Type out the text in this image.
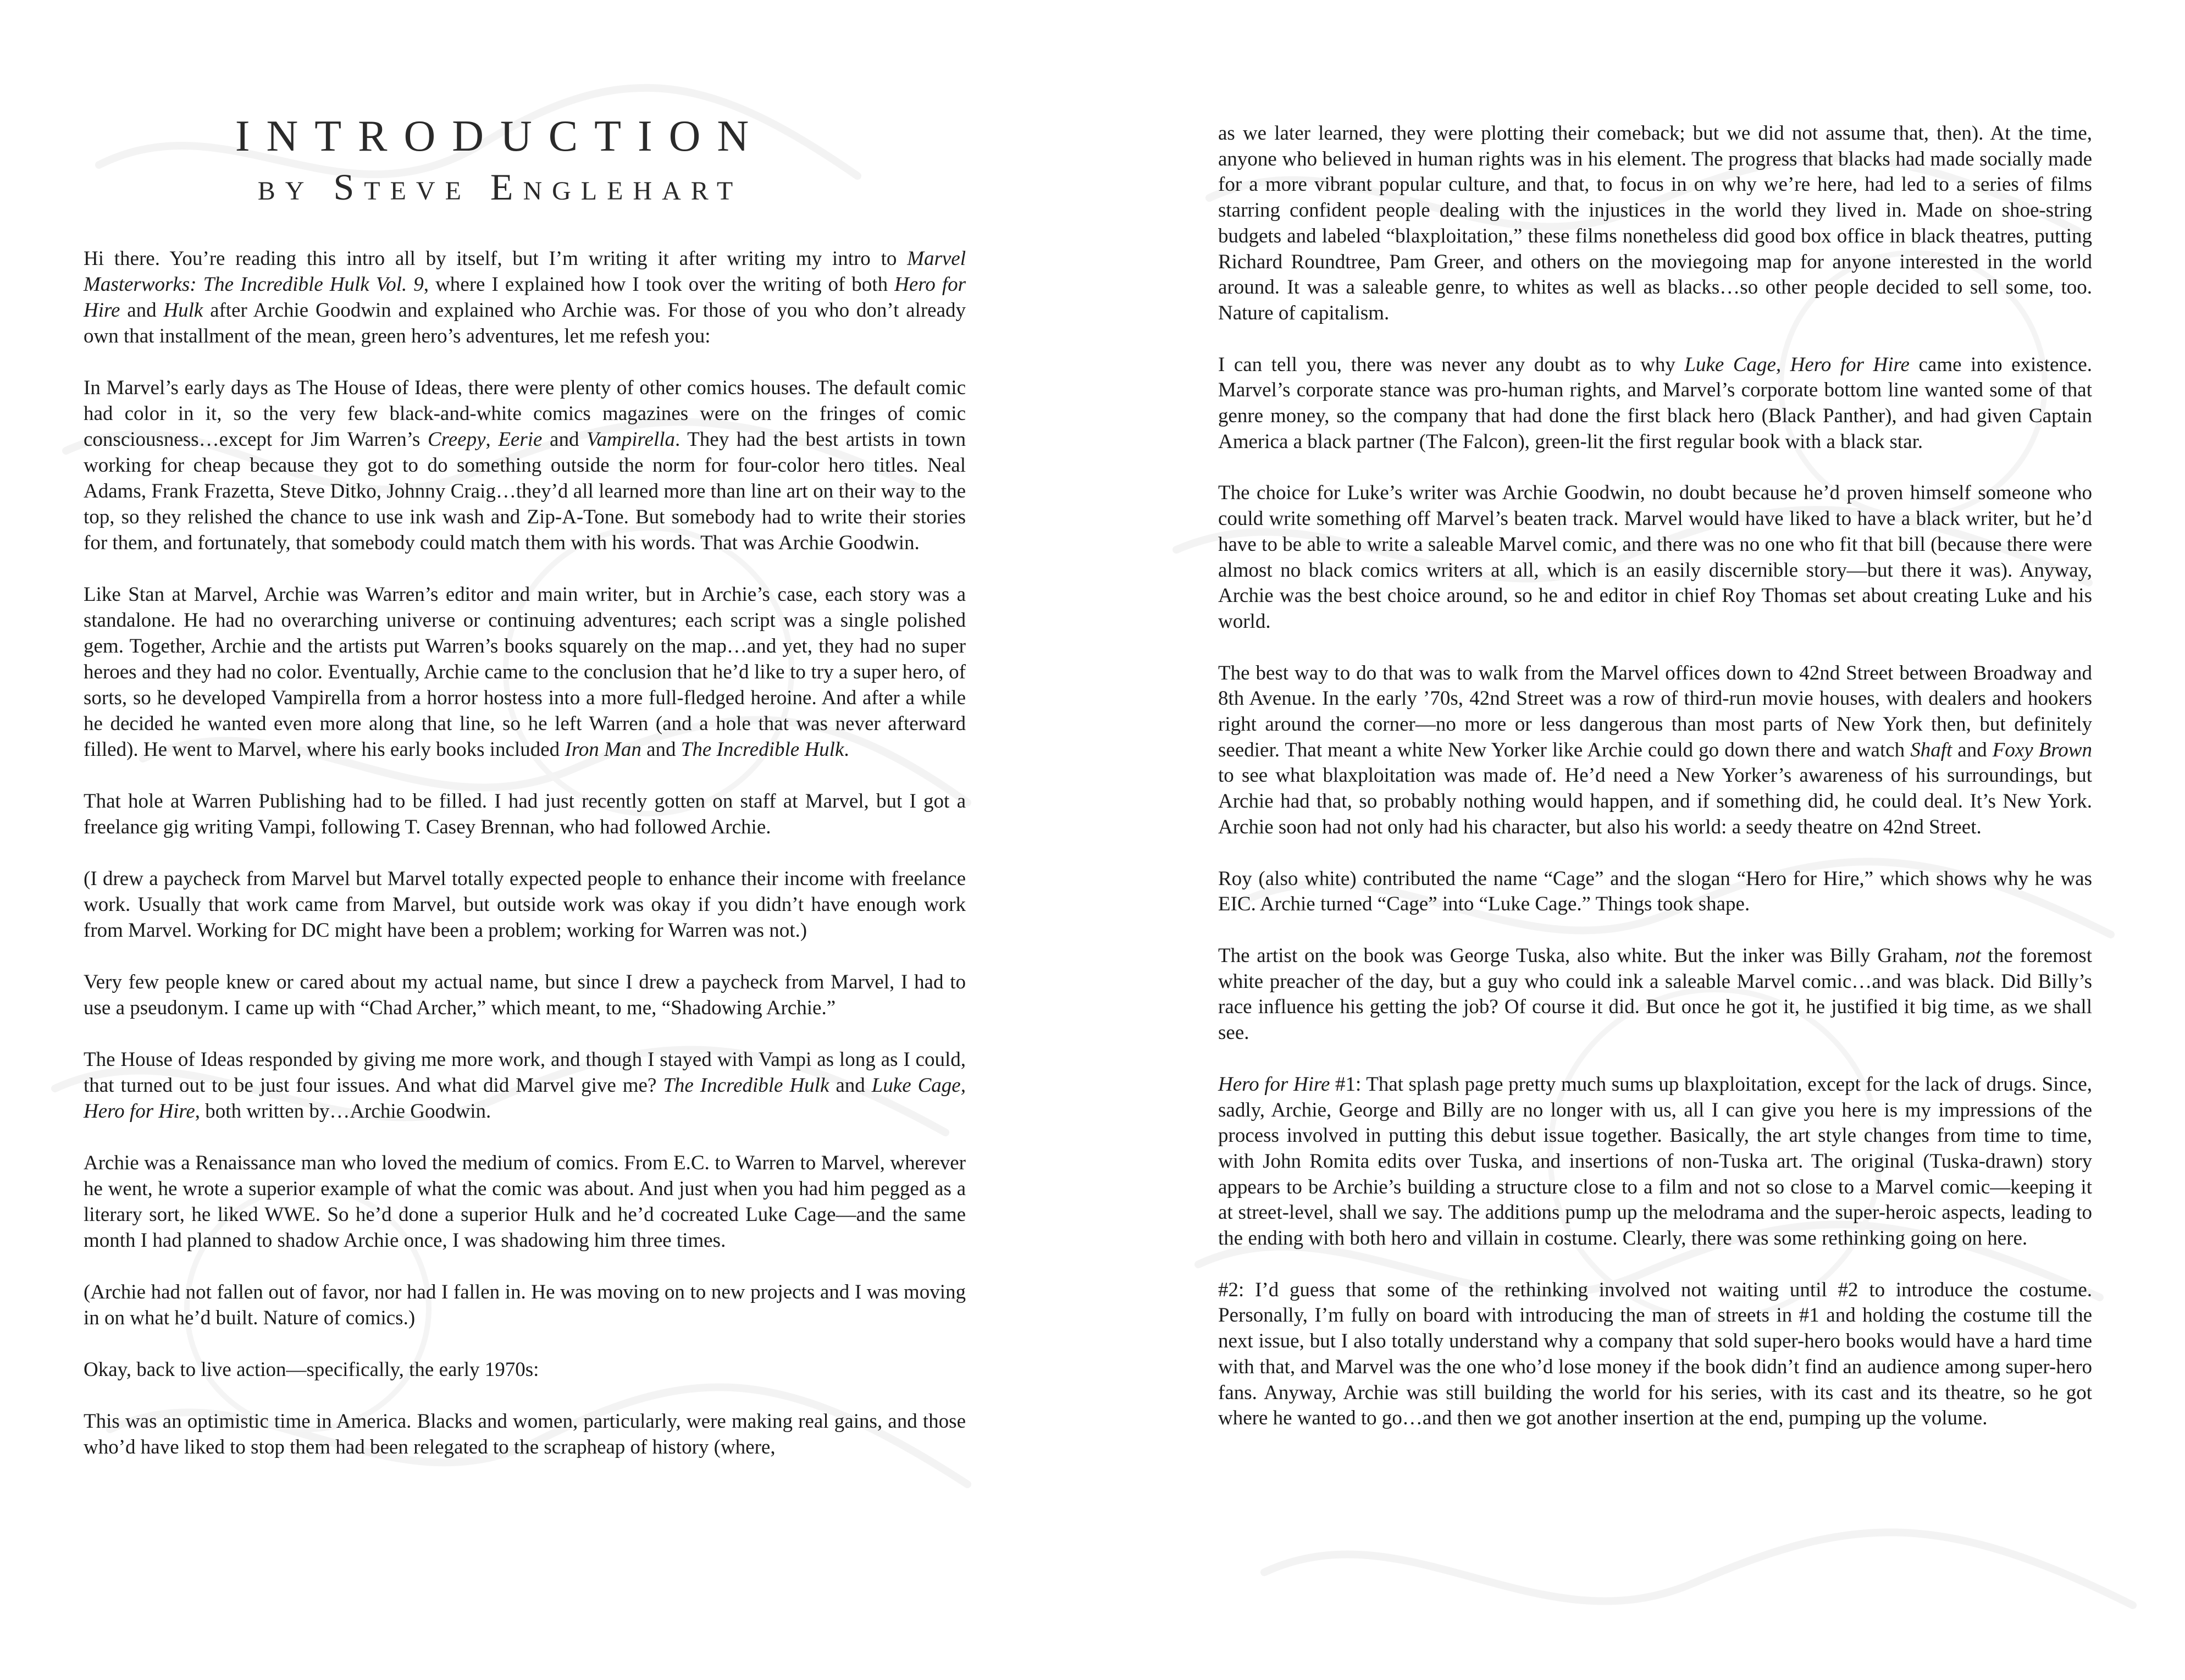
INTRODUCTION
by Steve Englehart

Hi there. You’re reading this intro all by itself, but I’m writing it after writing my intro to Marvel Masterworks: The Incredible Hulk Vol. 9, where I explained how I took over the writing of both Hero for Hire and Hulk after Archie Goodwin and explained who Archie was. For those of you who don’t already own that installment of the mean, green hero’s adventures, let me refesh you:

In Marvel’s early days as The House of Ideas, there were plenty of other comics houses. The default comic had color in it, so the very few black-and-white comics magazines were on the fringes of comic consciousness…except for Jim Warren’s Creepy, Eerie and Vampirella. They had the best artists in town working for cheap because they got to do something outside the norm for four-color hero titles. Neal Adams, Frank Frazetta, Steve Ditko, Johnny Craig…they’d all learned more than line art on their way to the top, so they relished the chance to use ink wash and Zip-A-Tone. But somebody had to write their stories for them, and fortunately, that somebody could match them with his words. That was Archie Goodwin.

Like Stan at Marvel, Archie was Warren’s editor and main writer, but in Archie’s case, each story was a standalone. He had no overarching universe or continuing adventures; each script was a single polished gem. Together, Archie and the artists put Warren’s books squarely on the map…and yet, they had no super heroes and they had no color. Eventually, Archie came to the conclusion that he’d like to try a super hero, of sorts, so he developed Vampirella from a horror hostess into a more full-fledged heroine. And after a while he decided he wanted even more along that line, so he left Warren (and a hole that was never afterward filled). He went to Marvel, where his early books included Iron Man and The Incredible Hulk.

That hole at Warren Publishing had to be filled. I had just recently gotten on staff at Marvel, but I got a freelance gig writing Vampi, following T. Casey Brennan, who had followed Archie.

(I drew a paycheck from Marvel but Marvel totally expected people to enhance their income with freelance work. Usually that work came from Marvel, but outside work was okay if you didn’t have enough work from Marvel. Working for DC might have been a problem; working for Warren was not.)

Very few people knew or cared about my actual name, but since I drew a paycheck from Marvel, I had to use a pseudonym. I came up with “Chad Archer,” which meant, to me, “Shadowing Archie.”

The House of Ideas responded by giving me more work, and though I stayed with Vampi as long as I could, that turned out to be just four issues. And what did Marvel give me? The Incredible Hulk and Luke Cage, Hero for Hire, both written by…Archie Goodwin.

Archie was a Renaissance man who loved the medium of comics. From E.C. to Warren to Marvel, wherever he went, he wrote a superior example of what the comic was about. And just when you had him pegged as a literary sort, he liked WWE. So he’d done a superior Hulk and he’d cocreated Luke Cage—and the same month I had planned to shadow Archie once, I was shadowing him three times.

(Archie had not fallen out of favor, nor had I fallen in. He was moving on to new projects and I was moving in on what he’d built. Nature of comics.)

Okay, back to live action—specifically, the early 1970s:

This was an optimistic time in America. Blacks and women, particularly, were making real gains, and those who’d have liked to stop them had been relegated to the scrapheap of history (where,

as we later learned, they were plotting their comeback; but we did not assume that, then). At the time, anyone who believed in human rights was in his element. The progress that blacks had made socially made for a more vibrant popular culture, and that, to focus in on why we’re here, had led to a series of films starring confident people dealing with the injustices in the world they lived in. Made on shoe-string budgets and labeled “blaxploitation,” these films nonetheless did good box office in black theatres, putting Richard Roundtree, Pam Greer, and others on the moviegoing map for anyone interested in the world around. It was a saleable genre, to whites as well as blacks…so other people decided to sell some, too. Nature of capitalism.

I can tell you, there was never any doubt as to why Luke Cage, Hero for Hire came into existence. Marvel’s corporate stance was pro-human rights, and Marvel’s corporate bottom line wanted some of that genre money, so the company that had done the first black hero (Black Panther), and had given Captain America a black partner (The Falcon), green-lit the first regular book with a black star.

The choice for Luke’s writer was Archie Goodwin, no doubt because he’d proven himself someone who could write something off Marvel’s beaten track. Marvel would have liked to have a black writer, but he’d have to be able to write a saleable Marvel comic, and there was no one who fit that bill (because there were almost no black comics writers at all, which is an easily discernible story—but there it was). Anyway, Archie was the best choice around, so he and editor in chief Roy Thomas set about creating Luke and his world.

The best way to do that was to walk from the Marvel offices down to 42nd Street between Broadway and 8th Avenue. In the early ’70s, 42nd Street was a row of third-run movie houses, with dealers and hookers right around the corner—no more or less dangerous than most parts of New York then, but definitely seedier. That meant a white New Yorker like Archie could go down there and watch Shaft and Foxy Brown to see what blaxploitation was made of. He’d need a New Yorker’s awareness of his surroundings, but Archie had that, so probably nothing would happen, and if something did, he could deal. It’s New York. Archie soon had not only had his character, but also his world: a seedy theatre on 42nd Street.

Roy (also white) contributed the name “Cage” and the slogan “Hero for Hire,” which shows why he was EIC. Archie turned “Cage” into “Luke Cage.” Things took shape.

The artist on the book was George Tuska, also white. But the inker was Billy Graham, not the foremost white preacher of the day, but a guy who could ink a saleable Marvel comic…and was black. Did Billy’s race influence his getting the job? Of course it did. But once he got it, he justified it big time, as we shall see.

Hero for Hire #1: That splash page pretty much sums up blaxploitation, except for the lack of drugs. Since, sadly, Archie, George and Billy are no longer with us, all I can give you here is my impressions of the process involved in putting this debut issue together. Basically, the art style changes from time to time, with John Romita edits over Tuska, and insertions of non-Tuska art. The original (Tuska-drawn) story appears to be Archie’s building a structure close to a film and not so close to a Marvel comic—keeping it at street-level, shall we say. The additions pump up the melodrama and the super-heroic aspects, leading to the ending with both hero and villain in costume. Clearly, there was some rethinking going on here.

#2: I’d guess that some of the rethinking involved not waiting until #2 to introduce the costume. Personally, I’m fully on board with introducing the man of streets in #1 and holding the costume till the next issue, but I also totally understand why a company that sold super-hero books would have a hard time with that, and Marvel was the one who’d lose money if the book didn’t find an audience among super-hero fans. Anyway, Archie was still building the world for his series, with its cast and its theatre, so he got where he wanted to go…and then we got another insertion at the end, pumping up the volume.
